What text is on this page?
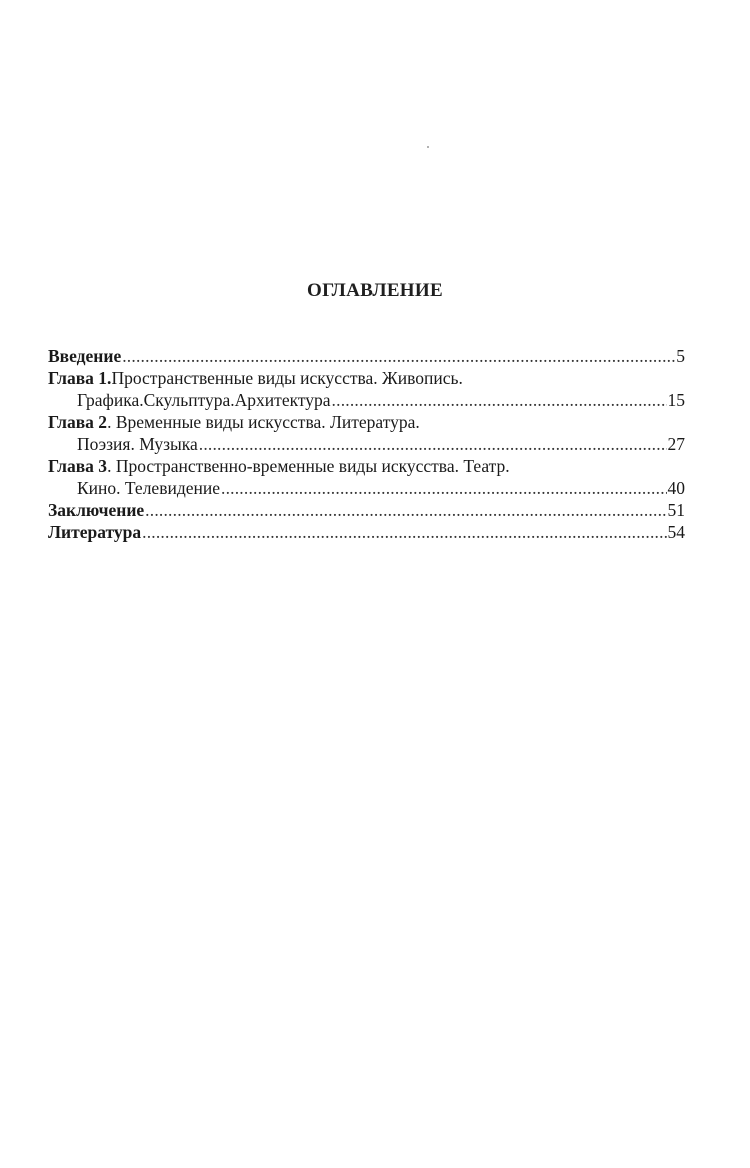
ОГЛАВЛЕНИЕ
Введение .....	5
Глава 1. Пространственные виды искусства. Живопись.
Графика.Скульптура.Архитектура .....	15
Глава 2 . Временные виды искусства. Литература.
Поэзия. Музыка .....	27
Глава 3 . Пространственно-временные виды искусства. Театр.
Кино. Телевидение .....	40
Заключение .....	51
Литература .....	54
